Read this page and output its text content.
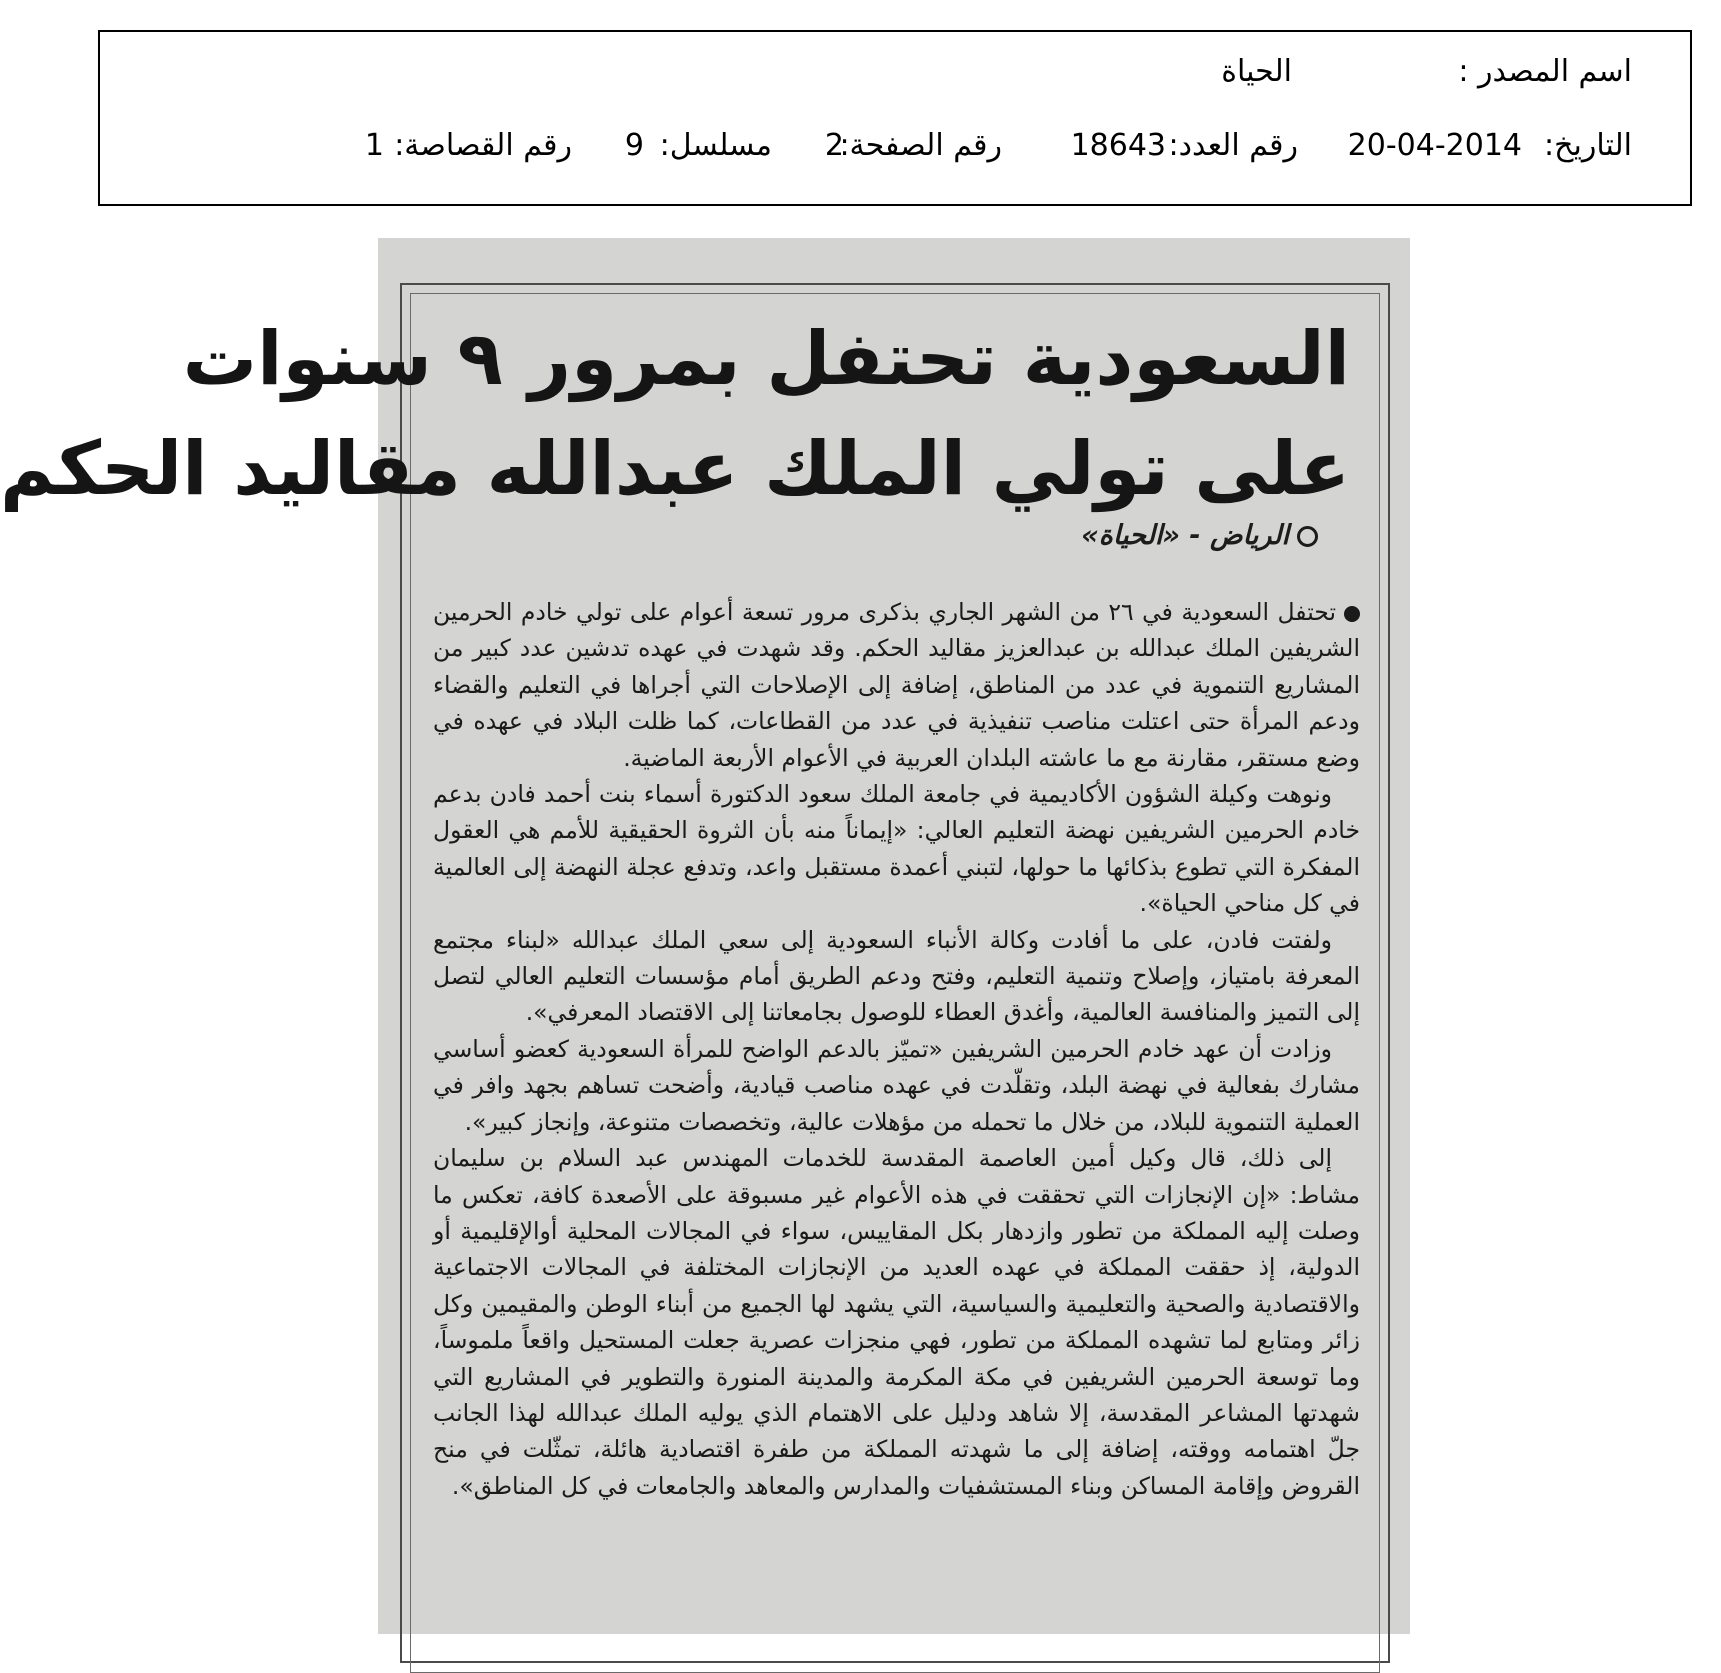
اسم المصدر :
الحياة
التاريخ:
20-04-2014
رقم العدد:
18643
رقم الصفحة:
2
مسلسل:
9
رقم القصاصة:
1
السعودية تحتفل بمرور ٩ سنوات
على تولي الملك عبدالله مقاليد الحكم
الرياض - «الحياة»

تحتفل السعودية في ٢٦ من الشهر الجاري بذكرى مرور تسعة أعوام على تولي خادم الحرمين الشريفين الملك عبدالله بن عبدالعزيز مقاليد الحكم. وقد شهدت في عهده تدشين عدد كبير من المشاريع التنموية في عدد من المناطق، إضافة إلى الإصلاحات التي أجراها في التعليم والقضاء ودعم المرأة حتى اعتلت مناصب تنفيذية في عدد من القطاعات، كما ظلت البلاد في عهده في وضع مستقر، مقارنة مع ما عاشته البلدان العربية في الأعوام الأربعة الماضية.

ونوهت وكيلة الشؤون الأكاديمية في جامعة الملك سعود الدكتورة أسماء بنت أحمد فادن بدعم خادم الحرمين الشريفين نهضة التعليم العالي: «إيماناً منه بأن الثروة الحقيقية للأمم هي العقول المفكرة التي تطوع بذكائها ما حولها، لتبني أعمدة مستقبل واعد، وتدفع عجلة النهضة إلى العالمية في كل مناحي الحياة».

ولفتت فادن، على ما أفادت وكالة الأنباء السعودية إلى سعي الملك عبدالله «لبناء مجتمع المعرفة بامتياز، وإصلاح وتنمية التعليم، وفتح ودعم الطريق أمام مؤسسات التعليم العالي لتصل إلى التميز والمنافسة العالمية، وأغدق العطاء للوصول بجامعاتنا إلى الاقتصاد المعرفي».

وزادت أن عهد خادم الحرمين الشريفين «تميّز بالدعم الواضح للمرأة السعودية كعضو أساسي مشارك بفعالية في نهضة البلد، وتقلّدت في عهده مناصب قيادية، وأضحت تساهم بجهد وافر في العملية التنموية للبلاد، من خلال ما تحمله من مؤهلات عالية، وتخصصات متنوعة، وإنجاز كبير».

إلى ذلك، قال وكيل أمين العاصمة المقدسة للخدمات المهندس عبد السلام بن سليمان مشاط: «إن الإنجازات التي تحققت في هذه الأعوام غير مسبوقة على الأصعدة كافة، تعكس ما وصلت إليه المملكة من تطور وازدهار بكل المقاييس، سواء في المجالات المحلية أوالإقليمية أو الدولية، إذ حققت المملكة في عهده العديد من الإنجازات المختلفة في المجالات الاجتماعية والاقتصادية والصحية والتعليمية والسياسية، التي يشهد لها الجميع من أبناء الوطن والمقيمين وكل زائر ومتابع لما تشهده المملكة من تطور، فهي منجزات عصرية جعلت المستحيل واقعاً ملموساً، وما توسعة الحرمين الشريفين في مكة المكرمة والمدينة المنورة والتطوير في المشاريع التي شهدتها المشاعر المقدسة، إلا شاهد ودليل على الاهتمام الذي يوليه الملك عبدالله لهذا الجانب جلّ اهتمامه ووقته، إضافة إلى ما شهدته المملكة من طفرة اقتصادية هائلة، تمثّلت في منح القروض وإقامة المساكن وبناء المستشفيات والمدارس والمعاهد والجامعات في كل المناطق».
